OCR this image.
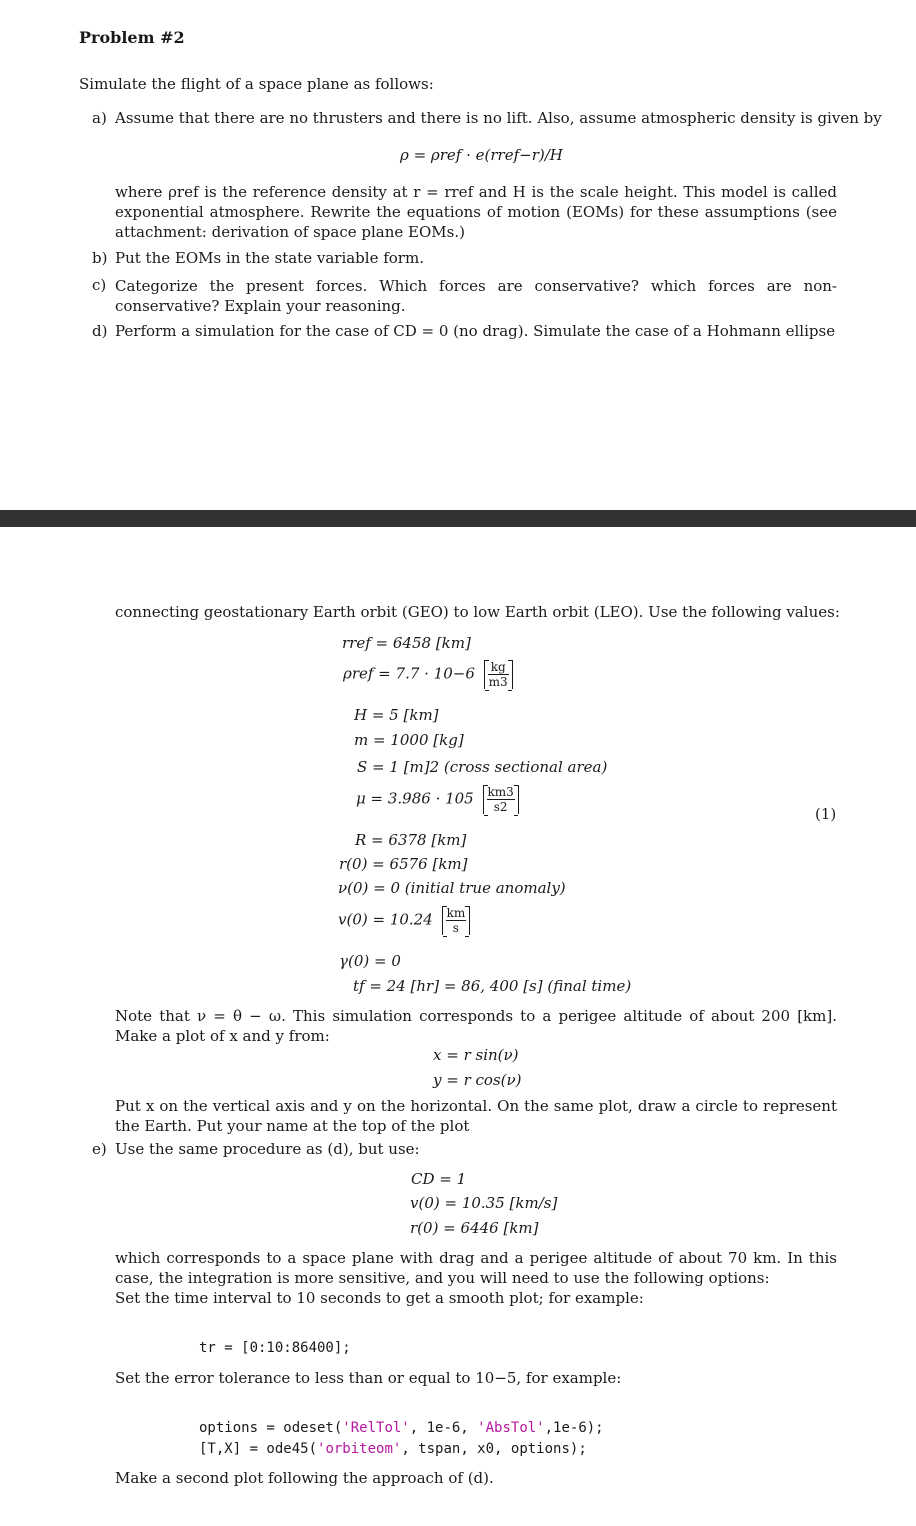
Problem #2
Simulate the flight of a space plane as follows:
a) Assume that there are no thrusters and there is no lift. Also, assume atmospheric density is given by
ρ = ρref · e(rref−r)/H
where ρref is the reference density at r = rref and H is the scale height. This model is called exponential atmosphere. Rewrite the equations of motion (EOMs) for these assumptions (see attachment: derivation of space plane EOMs.)
b) Put the EOMs in the state variable form.
c) Categorize the present forces. Which forces are conservative? which forces are non-conservative? Explain your reasoning.
d) Perform a simulation for the case of CD = 0 (no drag). Simulate the case of a Hohmann ellipse
connecting geostationary Earth orbit (GEO) to low Earth orbit (LEO). Use the following values:
rref = 6458 [km]
$\rho ref = 7.7 \cdot 10-6 \frac{kg}{m3}$
H = 5 [km]
m = 1000 [kg]
S = 1 [m]2 (cross sectional area)
$\mu = 3.986 \cdot 105 \frac{km3}{s2}$	(1)
R = 6378 [km]
r(0) = 6576 [km]
ν(0) = 0 (initial true anomaly)
$v(0) = 10.24 \frac{km}{s}$
γ(0) = 0
tf = 24 [hr] = 86, 400 [s] (final time)
Note that ν = θ − ω. This simulation corresponds to a perigee altitude of about 200 [km]. Make a plot of x and y from:
x = r sin(ν)
y = r cos(ν)
Put x on the vertical axis and y on the horizontal. On the same plot, draw a circle to represent the Earth. Put your name at the top of the plot
e) Use the same procedure as (d), but use:
CD = 1
v(0) = 10.35 [km/s]
r(0) = 6446 [km]
which corresponds to a space plane with drag and a perigee altitude of about 70 km. In this case, the integration is more sensitive, and you will need to use the following options:
Set the time interval to 10 seconds to get a smooth plot; for example:
tr = [0:10:86400];
Set the error tolerance to less than or equal to 10−5, for example:
options = odeset('RelTol', 1e-6, 'AbsTol',1e-6);
[T,X] = ode45('orbiteom', tspan, x0, options);
Make a second plot following the approach of (d).
